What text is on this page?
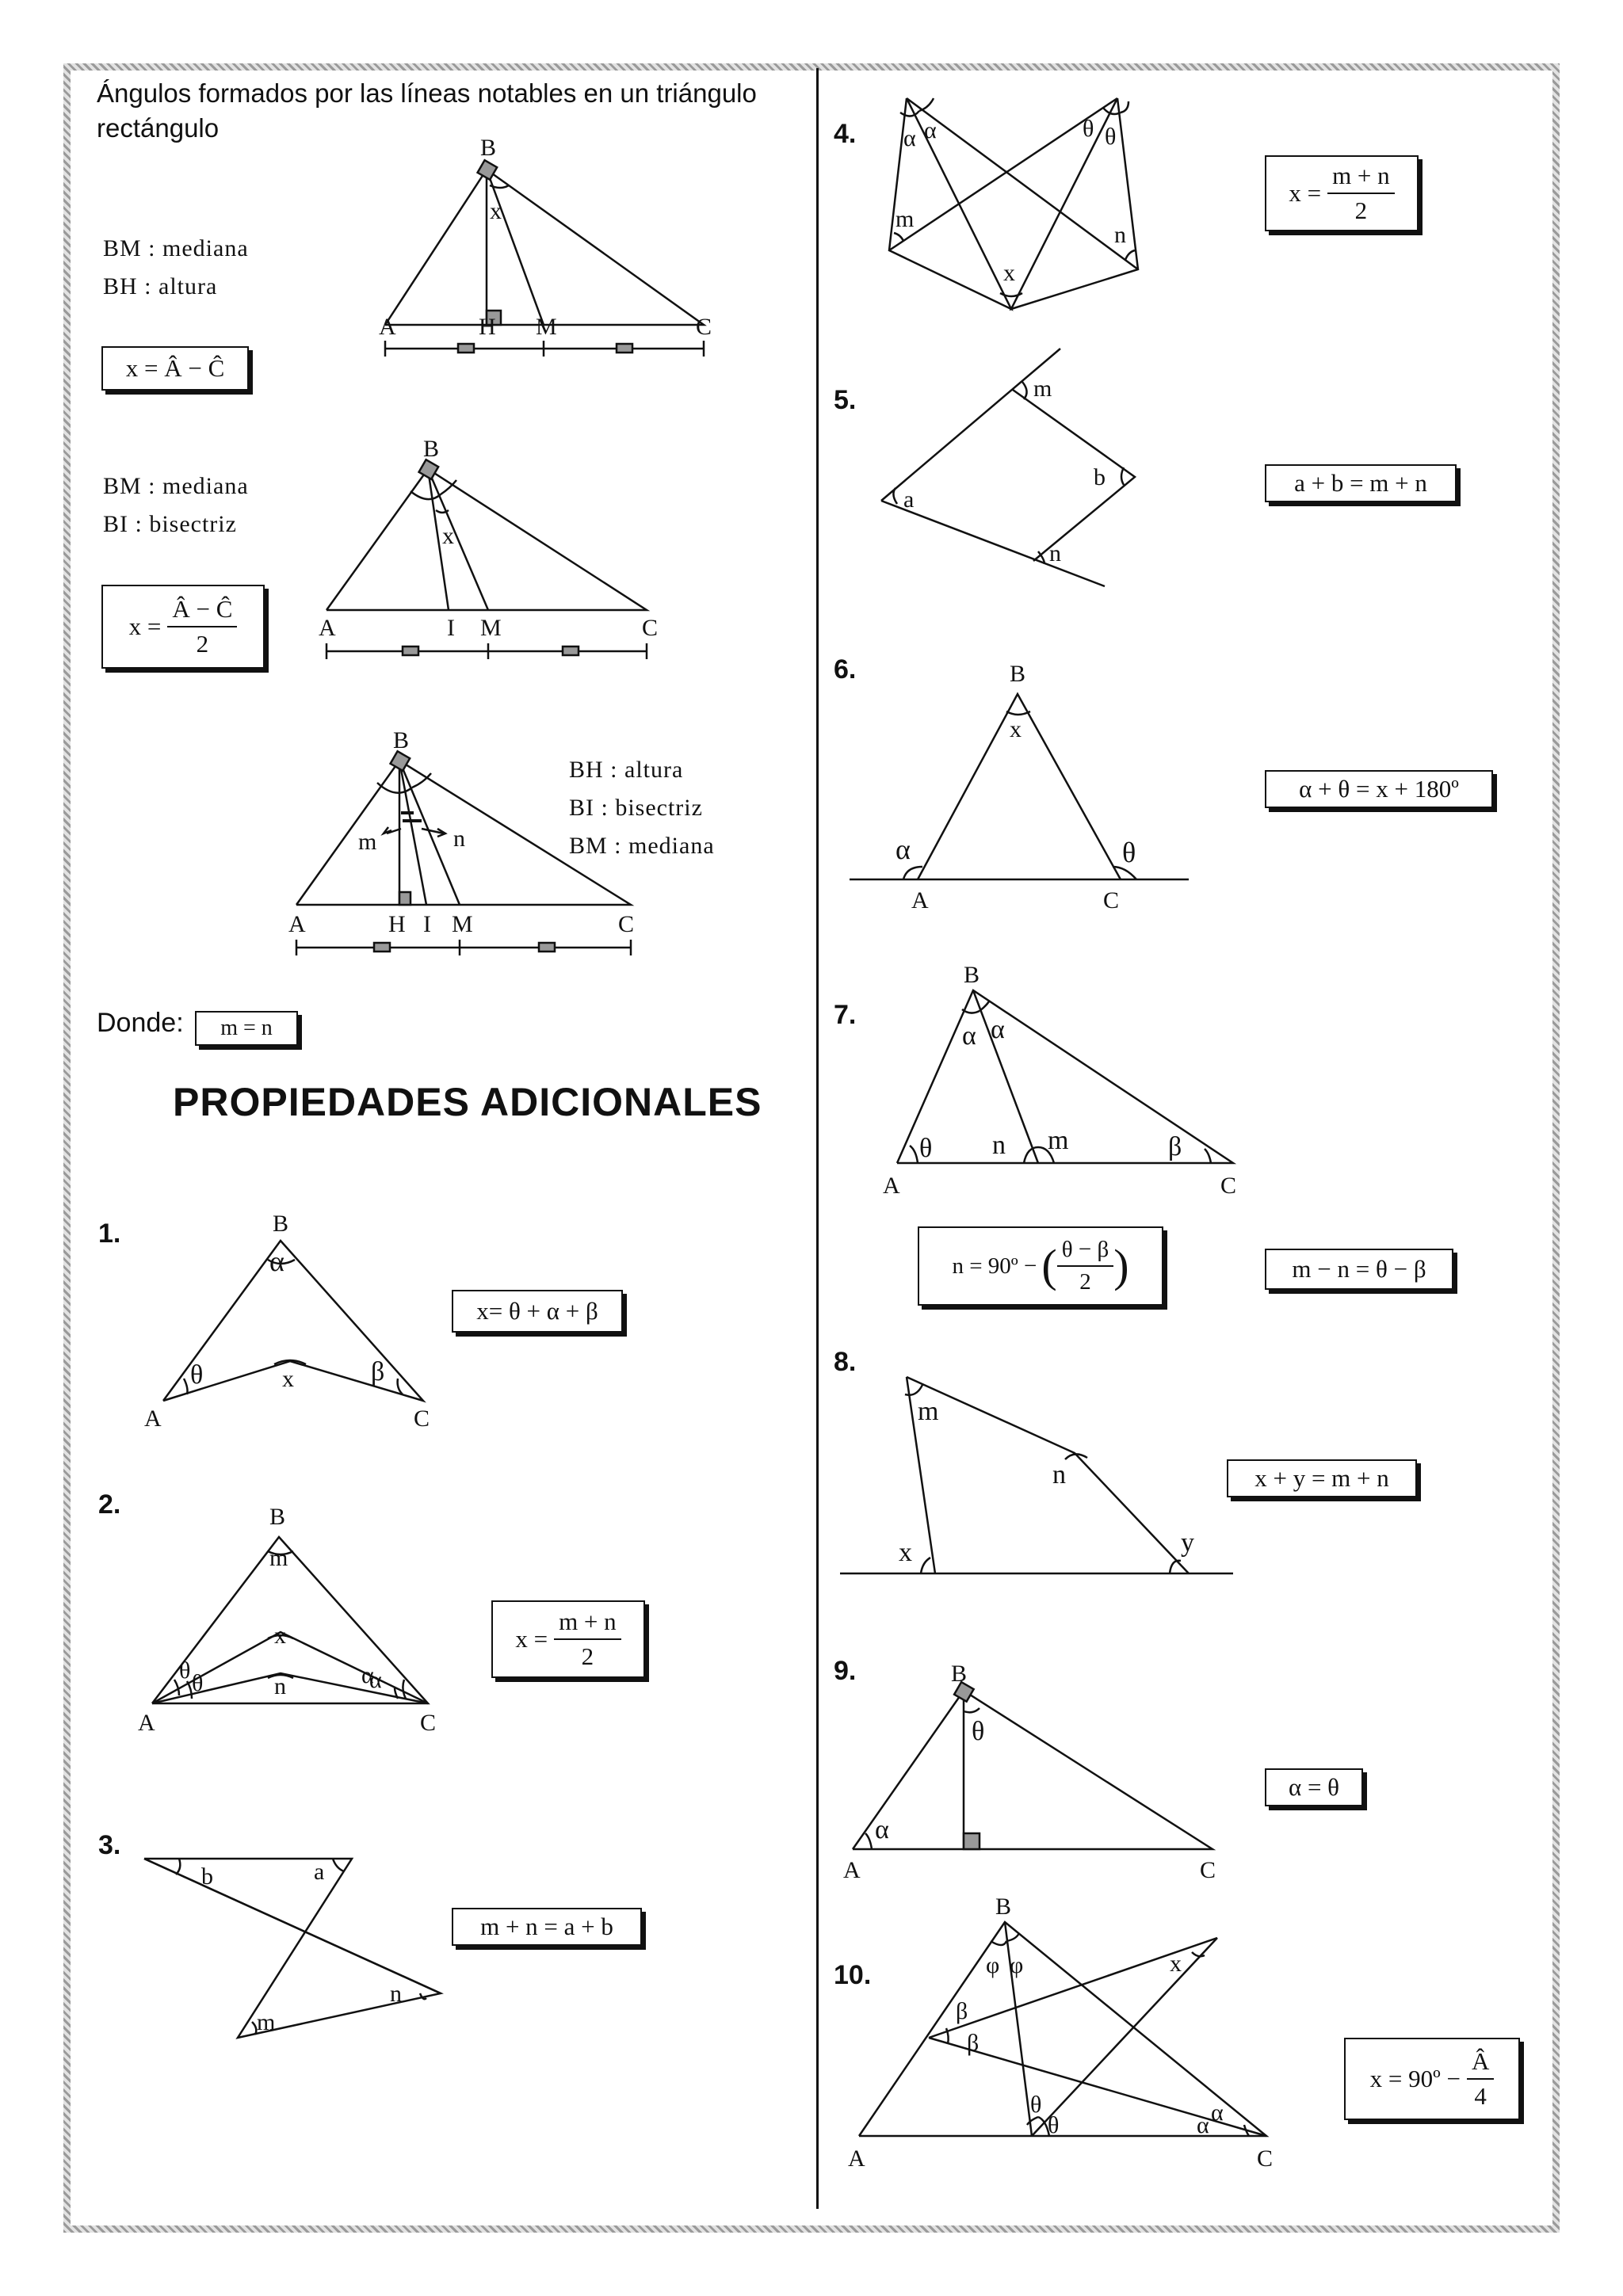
Ángulos formados por las líneas notables en un triángulo rectángulo
BM : mediana
BH : altura
x = Â − Ĉ
BM : mediana
BI : bisectriz
$x = \frac{Â - Ĉ}{2}$
BH : altura
BI : bisectriz
BM : mediana
Donde: m = n
PROPIEDADES ADICIONALES
1.
2.
3.
4.
5.
6.
7.
8.
9.
10.
x= θ + α + β
$x = \frac{m + n}{2}$
m + n = a + b
$x = \frac{m + n}{2}$
a + b = m + n
α + θ = x + 180º
n = 90º − ( $\frac{\theta - \beta}{2}$ )	m − n = θ − β
x + y = m + n
α = θ
x = 90º − $\frac{Â}{4}$
B
x
A	H M	C
B
x
A	I M	C
B
m	n
A	H I M	C
B
α
θ	x	β
A	C
B
m
x
n
θ θ	α
α
A	C
b	a
m
n
α α	θ θ
m
n
x
m
b
a
n
B
x
α	θ
A	C
B
α α
θ n m	β
A	C
m
n
x	y
B
θ
α
A	C
B
φ φ
β
β
θ
θ	α α
x
A	C
